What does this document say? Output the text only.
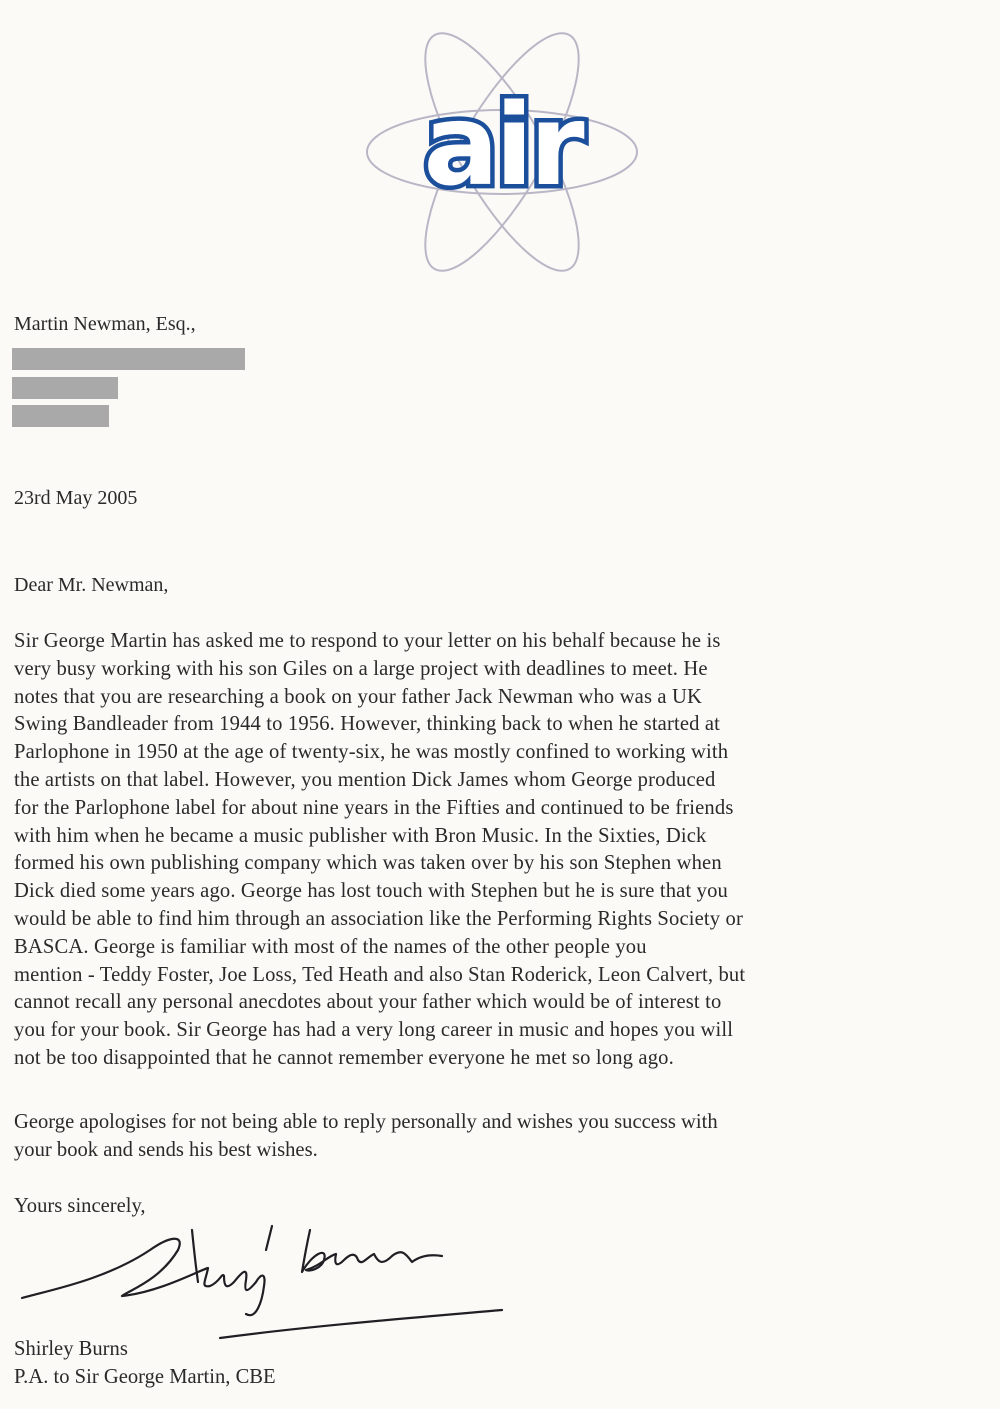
air
Martin Newman, Esq.,
23rd May 2005
Dear Mr. Newman,

Sir George Martin has asked me to respond to your letter on his behalf because he is
very busy working with his son Giles on a large project with deadlines to meet. He
notes that you are researching a book on your father Jack Newman who was a UK
Swing Bandleader from 1944 to 1956. However, thinking back to when he started at
Parlophone in 1950 at the age of twenty-six, he was mostly confined to working with
the artists on that label. However, you mention Dick James whom George produced
for the Parlophone label for about nine years in the Fifties and continued to be friends
with him when he became a music publisher with Bron Music. In the Sixties, Dick
formed his own publishing company which was taken over by his son Stephen when
Dick died some years ago. George has lost touch with Stephen but he is sure that you
would be able to find him through an association like the Performing Rights Society or
BASCA. George is familiar with most of the names of the other people you
mention - Teddy Foster, Joe Loss, Ted Heath and also Stan Roderick, Leon Calvert, but
cannot recall any personal anecdotes about your father which would be of interest to
you for your book. Sir George has had a very long career in music and hopes you will
not be too disappointed that he cannot remember everyone he met so long ago.

George apologises for not being able to reply personally and wishes you success with
your book and sends his best wishes.

Yours sincerely,
Shirley Burns
P.A. to Sir George Martin, CBE
